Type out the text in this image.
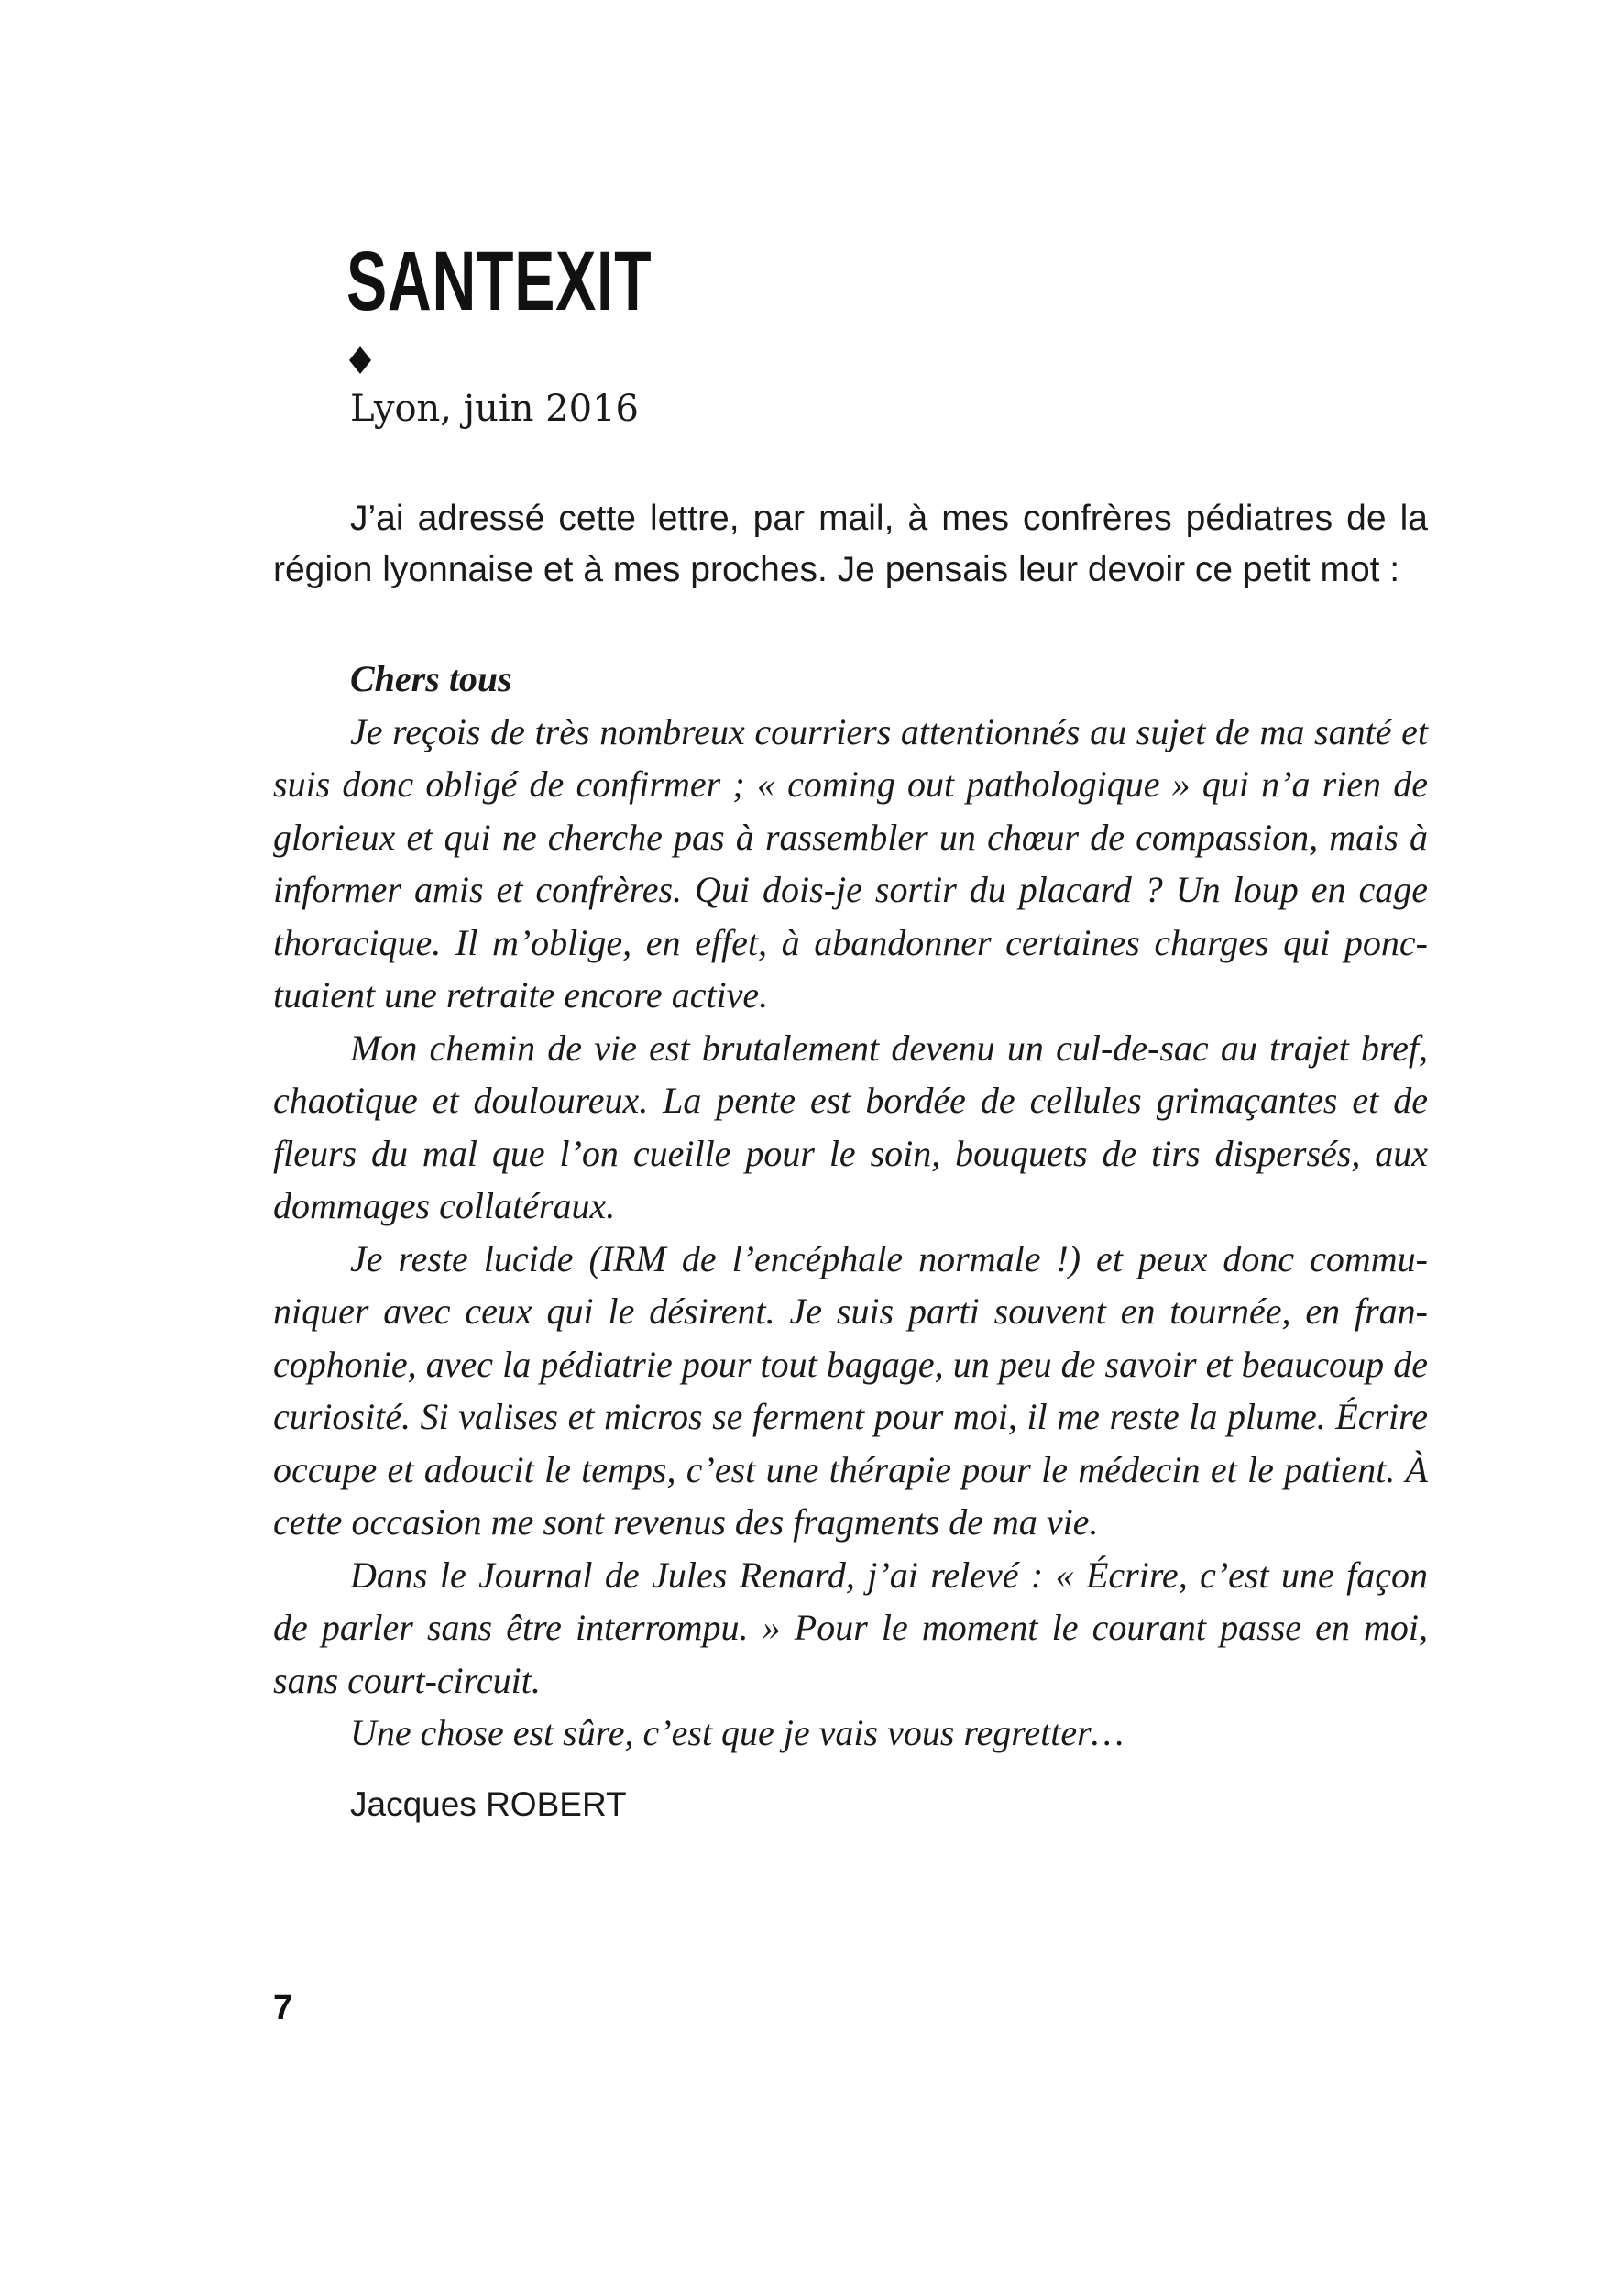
SANTEXIT

Lyon, juin 2016

J’ai adressé cette lettre, par mail, à mes confrères pédiatres de la région lyonnaise et à mes proches. Je pensais leur devoir ce petit mot :

Chers tous

Je reçois de très nombreux courriers attentionnés au sujet de ma santé et suis donc obligé de confirmer ; « coming out pathologique » qui n’a rien de glorieux et qui ne cherche pas à rassembler un chœur de compassion, mais à informer amis et confrères. Qui dois-je sortir du placard ? Un loup en cage thoracique. Il m’oblige, en effet, à abandonner certaines charges qui ponctuaient une retraite encore active.

Mon chemin de vie est brutalement devenu un cul-de-sac au trajet bref, chaotique et douloureux. La pente est bordée de cellules grimaçantes et de fleurs du mal que l’on cueille pour le soin, bouquets de tirs dispersés, aux dommages collatéraux.

Je reste lucide (IRM de l’encéphale normale !) et peux donc communiquer avec ceux qui le désirent. Je suis parti souvent en tournée, en francophonie, avec la pédiatrie pour tout bagage, un peu de savoir et beaucoup de curiosité. Si valises et micros se ferment pour moi, il me reste la plume. Écrire occupe et adoucit le temps, c’est une thérapie pour le médecin et le patient. À cette occasion me sont revenus des fragments de ma vie.

Dans le Journal de Jules Renard, j’ai relevé : « Écrire, c’est une façon de parler sans être interrompu. » Pour le moment le courant passe en moi, sans court-circuit.

Une chose est sûre, c’est que je vais vous regretter…

Jacques ROBERT

7
